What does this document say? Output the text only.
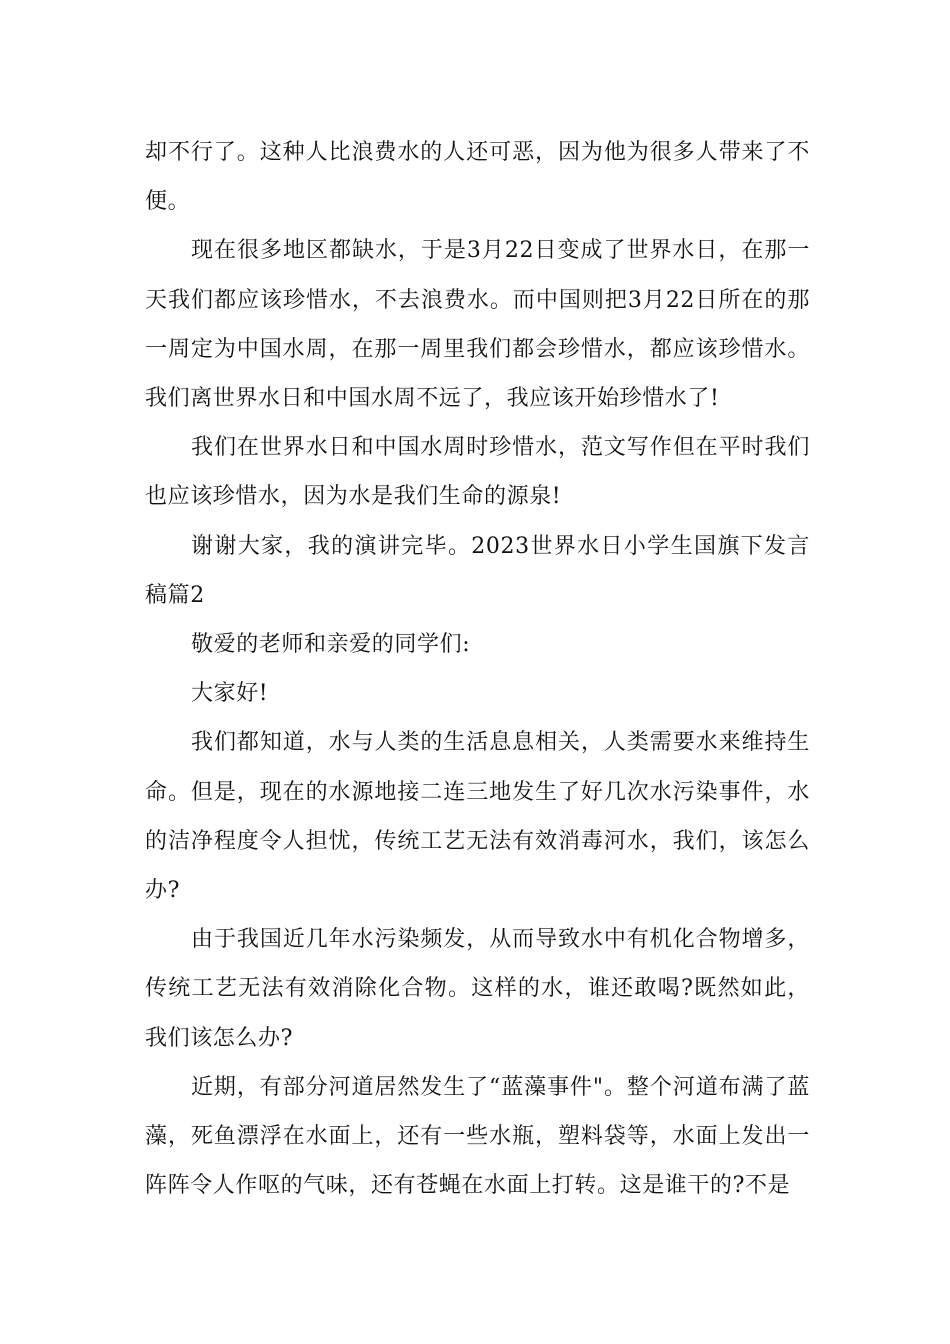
却不行了。这种人比浪费水的人还可恶，因为他为很多人带来了不便。

现在很多地区都缺水，于是3月22日变成了世界水日，在那一天我们都应该珍惜水，不去浪费水。而中国则把3月22日所在的那一周定为中国水周，在那一周里我们都会珍惜水，都应该珍惜水。我们离世界水日和中国水周不远了，我应该开始珍惜水了!

我们在世界水日和中国水周时珍惜水，范文写作但在平时我们也应该珍惜水，因为水是我们生命的源泉!

谢谢大家，我的演讲完毕。2023世界水日小学生国旗下发言稿篇2

敬爱的老师和亲爱的同学们:

大家好!

我们都知道，水与人类的生活息息相关，人类需要水来维持生命。但是，现在的水源地接二连三地发生了好几次水污染事件，水的洁净程度令人担忧，传统工艺无法有效消毒河水，我们，该怎么办?

由于我国近几年水污染频发，从而导致水中有机化合物增多，传统工艺无法有效消除化合物。这样的水，谁还敢喝?既然如此，我们该怎么办?

近期，有部分河道居然发生了“蓝藻事件"。整个河道布满了蓝藻，死鱼漂浮在水面上，还有一些水瓶，塑料袋等，水面上发出一阵阵令人作呕的气味，还有苍蝇在水面上打转。这是谁干的?不是
